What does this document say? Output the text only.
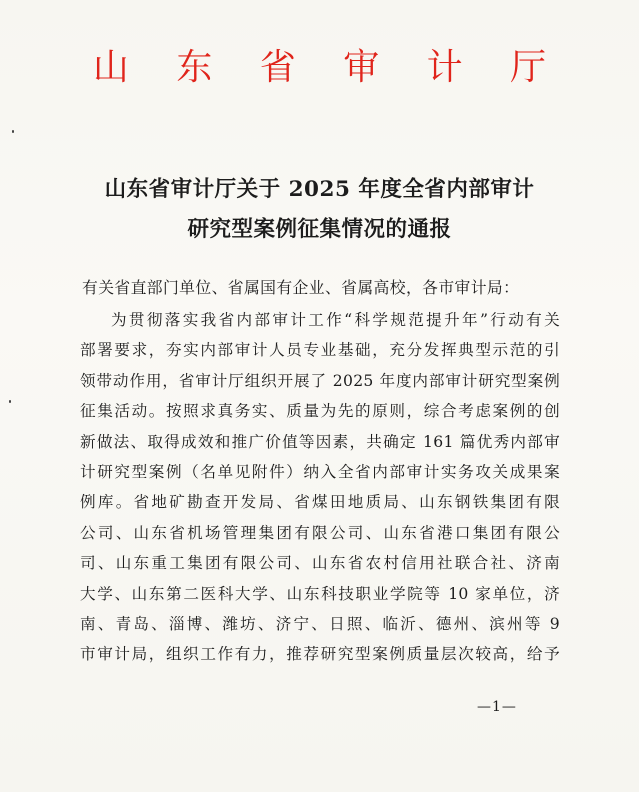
山 东 省 审 计 厅
山东省审计厅关于 2025 年度全省内部审计
研究型案例征集情况的通报
有关省直部门单位、省属国有企业、省属高校，各市审计局：
为贯彻落实我省内部审计工作“科学规范提升年”行动有关
部署要求，夯实内部审计人员专业基础，充分发挥典型示范的引
领带动作用，省审计厅组织开展了 2025 年度内部审计研究型案例
征集活动。按照求真务实、质量为先的原则，综合考虑案例的创
新做法、取得成效和推广价值等因素，共确定 161 篇优秀内部审
计研究型案例（名单见附件）纳入全省内部审计实务攻关成果案
例库。省地矿勘查开发局、省煤田地质局、山东钢铁集团有限
公司、山东省机场管理集团有限公司、山东省港口集团有限公
司、山东重工集团有限公司、山东省农村信用社联合社、济南
大学、山东第二医科大学、山东科技职业学院等 10 家单位，济
南、青岛、淄博、潍坊、济宁、日照、临沂、德州、滨州等 9
市审计局，组织工作有力，推荐研究型案例质量层次较高，给予
—1—
